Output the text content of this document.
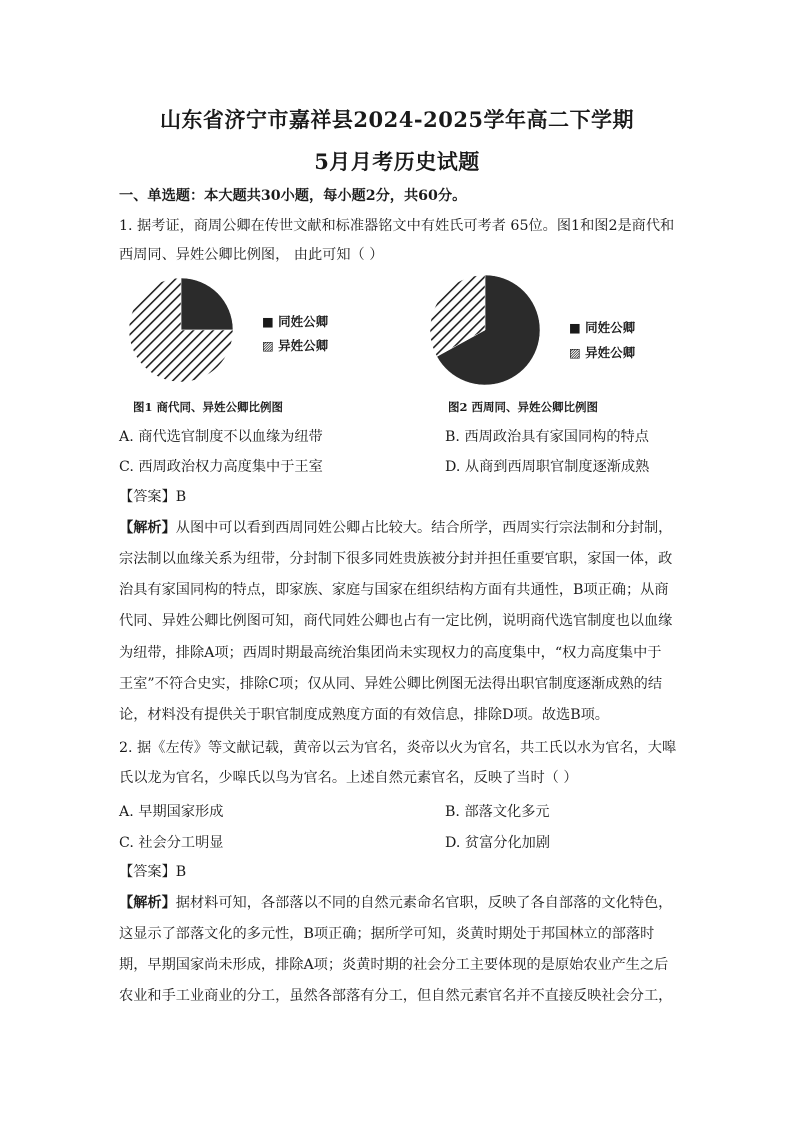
山东省济宁市嘉祥县2024-2025学年高二下学期
5月月考历史试题
一、单选题：本大题共30小题，每小题2分，共60分。
1. 据考证，商周公卿在传世文献和标准器铭文中有姓氏可考者 65位。图1和图2是商代和
西周同、异姓公卿比例图， 由此可知（ ）
■ 同姓公卿
▨ 异姓公卿
■ 同姓公卿
▨ 异姓公卿
图1 商代同、异姓公卿比例图	图2 西周同、异姓公卿比例图
A. 商代选官制度不以血缘为纽带	B. 西周政治具有家国同构的特点
C. 西周政治权力高度集中于王室	D. 从商到西周职官制度逐渐成熟
【答案】B
【解析】从图中可以看到西周同姓公卿占比较大。结合所学，西周实行宗法制和分封制，
宗法制以血缘关系为纽带，分封制下很多同姓贵族被分封并担任重要官职，家国一体，政
治具有家国同构的特点，即家族、家庭与国家在组织结构方面有共通性，B项正确；从商
代同、异姓公卿比例图可知，商代同姓公卿也占有一定比例，说明商代选官制度也以血缘
为纽带，排除A项；西周时期最高统治集团尚未实现权力的高度集中，“权力高度集中于
王室”不符合史实，排除C项；仅从同、异姓公卿比例图无法得出职官制度逐渐成熟的结
论，材料没有提供关于职官制度成熟度方面的有效信息，排除D项。故选B项。
2. 据《左传》等文献记载，黄帝以云为官名，炎帝以火为官名，共工氏以水为官名，大嗥
氏以龙为官名，少嗥氏以鸟为官名。上述自然元素官名，反映了当时（ ）
A. 早期国家形成	B. 部落文化多元
C. 社会分工明显	D. 贫富分化加剧
【答案】B
【解析】据材料可知，各部落以不同的自然元素命名官职，反映了各自部落的文化特色，
这显示了部落文化的多元性，B项正确；据所学可知，炎黄时期处于邦国林立的部落时
期，早期国家尚未形成，排除A项；炎黄时期的社会分工主要体现的是原始农业产生之后
农业和手工业商业的分工，虽然各部落有分工，但自然元素官名并不直接反映社会分工，
